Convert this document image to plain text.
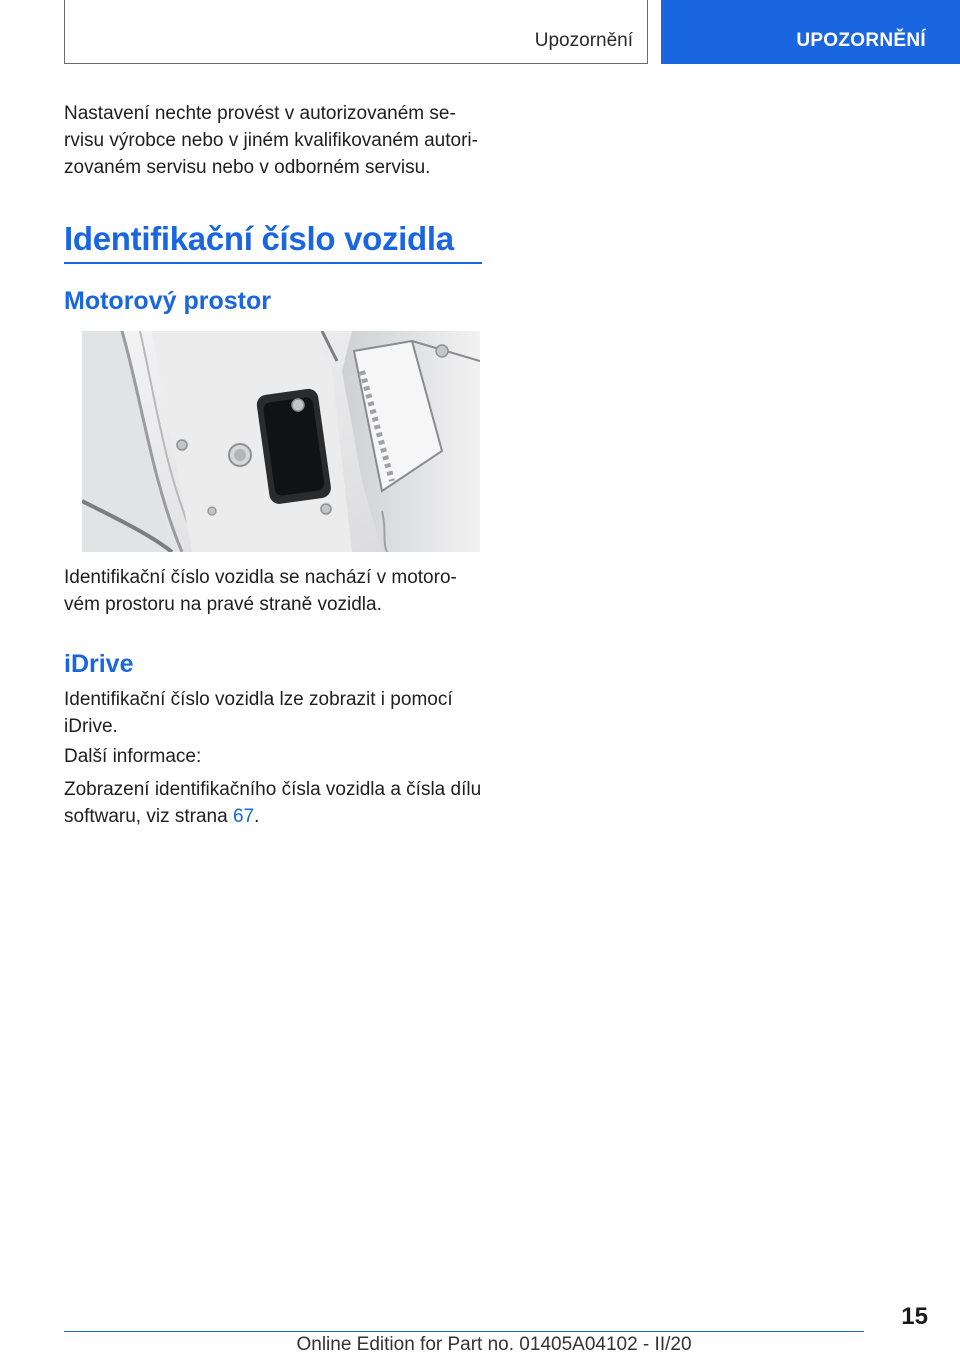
Upozornění	UPOZORNĚNÍ

Nastavení nechte provést v autorizovaném se‐
rvisu výrobce nebo v jiném kvalifikovaném autori‐
zovaném servisu nebo v odborném servisu.

Identifikační číslo vozidla
Motorový prostor

Identifikační číslo vozidla se nachází v motoro‐
vém prostoru na pravé straně vozidla.

iDrive

Identifikační číslo vozidla lze zobrazit i pomocí
iDrive.

Další informace:

Zobrazení identifikačního čísla vozidla a čísla dílu
softwaru, viz strana 67.

15
Online Edition for Part no. 01405A04102 - II/20
